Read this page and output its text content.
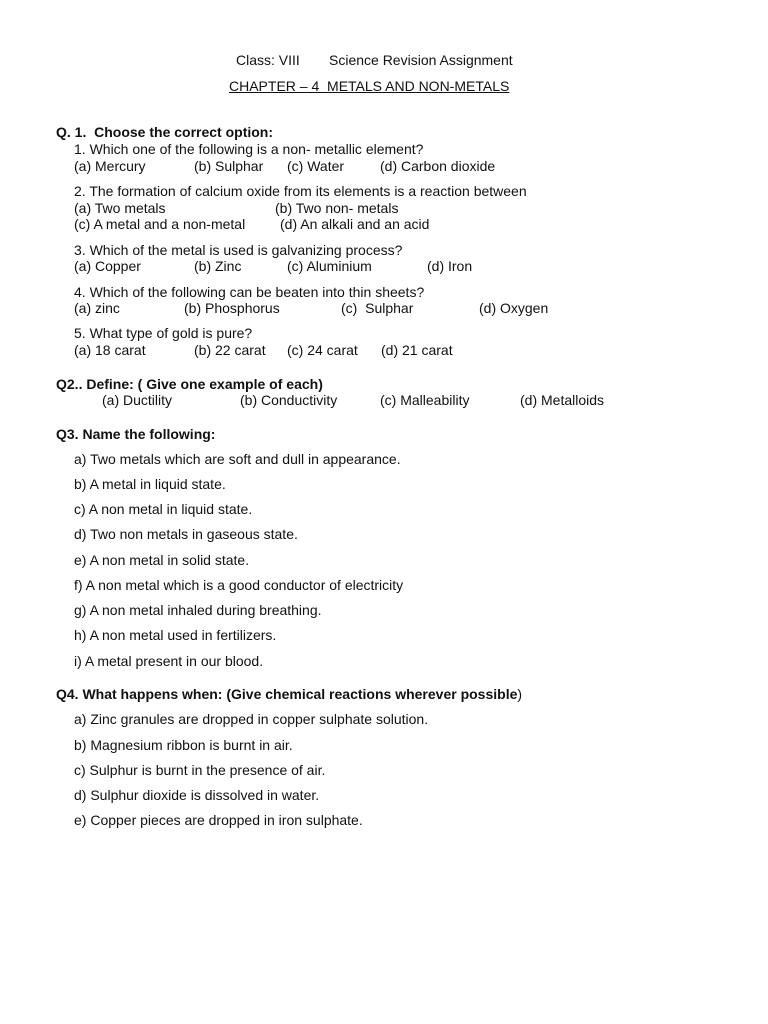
Class: VIII Science Revision Assignment
CHAPTER – 4  METALS AND NON-METALS
Q. 1.  Choose the correct option:
1. Which one of the following is a non- metallic element?
(a) Mercury	(b) Sulphar (c) Water	(d) Carbon dioxide
2. The formation of calcium oxide from its elements is a reaction between
(a) Two metals	(b) Two non- metals
(c) A metal and a non-metal (d) An alkali and an acid
3. Which of the metal is used is galvanizing process?
(a) Copper	(b) Zinc	(c) Aluminium	(d) Iron
4. Which of the following can be beaten into thin sheets?
(a) zinc	(b) Phosphorus	(c)  Sulphar	(d) Oxygen
5. What type of gold is pure?
(a) 18 carat	(b) 22 carat (c) 24 carat (d) 21 carat
Q2.. Define: ( Give one example of each)
(a) Ductility	(b) Conductivity	(c) Malleability	(d) Metalloids
Q3. Name the following:
a) Two metals which are soft and dull in appearance.
b) A metal in liquid state.
c) A non metal in liquid state.
d) Two non metals in gaseous state.
e) A non metal in solid state.
f) A non metal which is a good conductor of electricity
g) A non metal inhaled during breathing.
h) A non metal used in fertilizers.
i) A metal present in our blood.
Q4. What happens when: (Give chemical reactions wherever possible)
a) Zinc granules are dropped in copper sulphate solution.
b) Magnesium ribbon is burnt in air.
c) Sulphur is burnt in the presence of air.
d) Sulphur dioxide is dissolved in water.
e) Copper pieces are dropped in iron sulphate.
